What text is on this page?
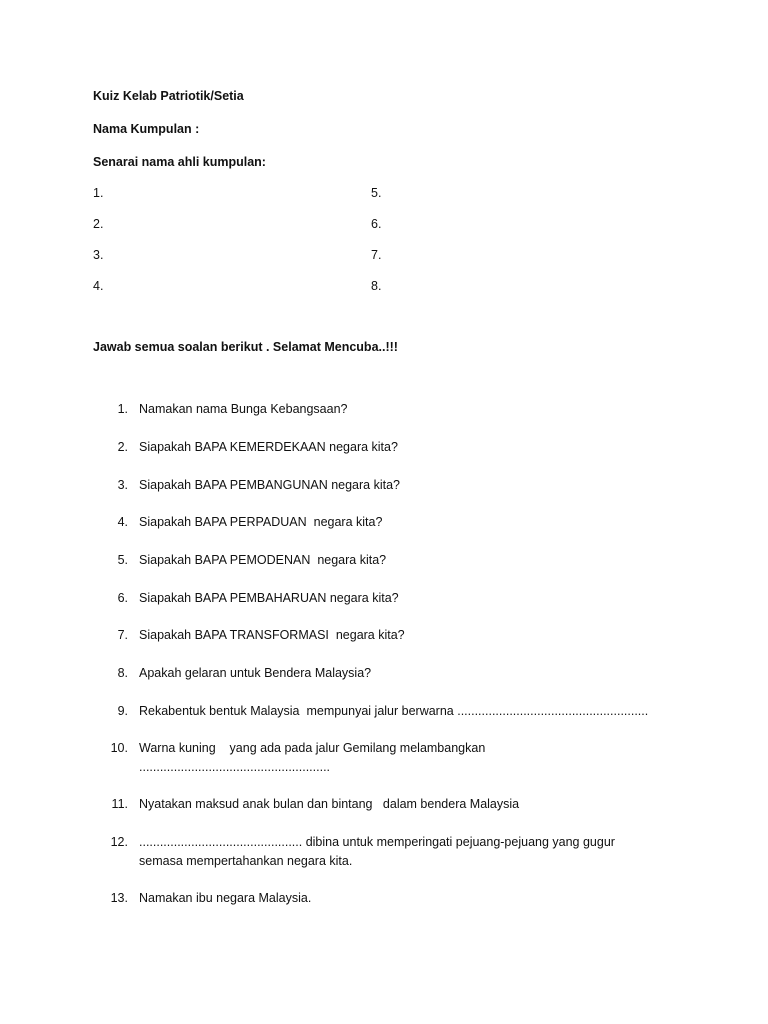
Kuiz Kelab Patriotik/Setia
Nama Kumpulan :
Senarai nama ahli kumpulan:
1.
2.
3.
4.
5.
6.
7.
8.
Jawab semua soalan berikut . Selamat Mencuba..!!!
1. Namakan nama Bunga Kebangsaan?
2. Siapakah BAPA KEMERDEKAAN negara kita?
3. Siapakah BAPA PEMBANGUNAN negara kita?
4. Siapakah BAPA PERPADUAN  negara kita?
5. Siapakah BAPA PEMODENAN  negara kita?
6. Siapakah BAPA PEMBAHARUAN negara kita?
7. Siapakah BAPA TRANSFORMASI  negara kita?
8. Apakah gelaran untuk Bendera Malaysia?
9. Rekabentuk bentuk Malaysia  mempunyai jalur berwarna .......................................................
10. Warna kuning    yang ada pada jalur Gemilang melambangkan
.......................................................
11. Nyatakan maksud anak bulan dan bintang   dalam bendera Malaysia
12. ............................................... dibina untuk memperingati pejuang-pejuang yang gugur
semasa mempertahankan negara kita.
13. Namakan ibu negara Malaysia.
